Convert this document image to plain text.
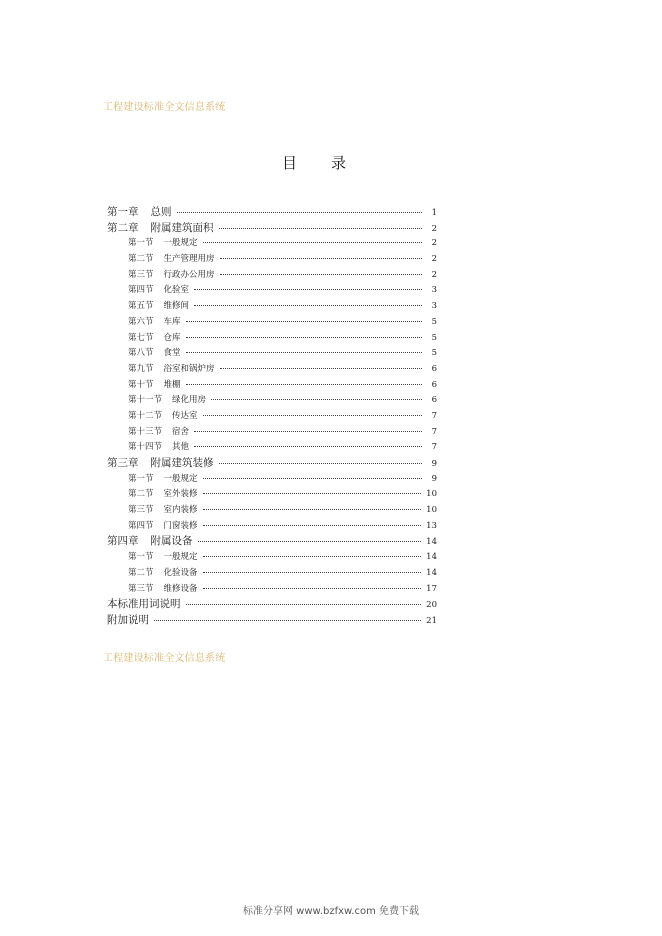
工程建设标准全文信息系统
目录
第一章 总则	1
第二章 附属建筑面积	2
第一节 一般规定	2
第二节 生产管理用房	2
第三节 行政办公用房	2
第四节 化验室	3
第五节 维修间	3
第六节 车库	5
第七节 仓库	5
第八节 食堂	5
第九节 浴室和锅炉房	6
第十节 堆棚	6
第十一节 绿化用房	6
第十二节 传达室	7
第十三节 宿舍	7
第十四节 其他	7
第三章 附属建筑装修	9
第一节 一般规定	9
第二节 室外装修	10
第三节 室内装修	10
第四节 门窗装修	13
第四章 附属设备	14
第一节 一般规定	14
第二节 化验设备	14
第三节 维修设备	17
本标准用词说明	20
附加说明	21
工程建设标准全文信息系统
标准分享网 www.bzfxw.com 免费下载
